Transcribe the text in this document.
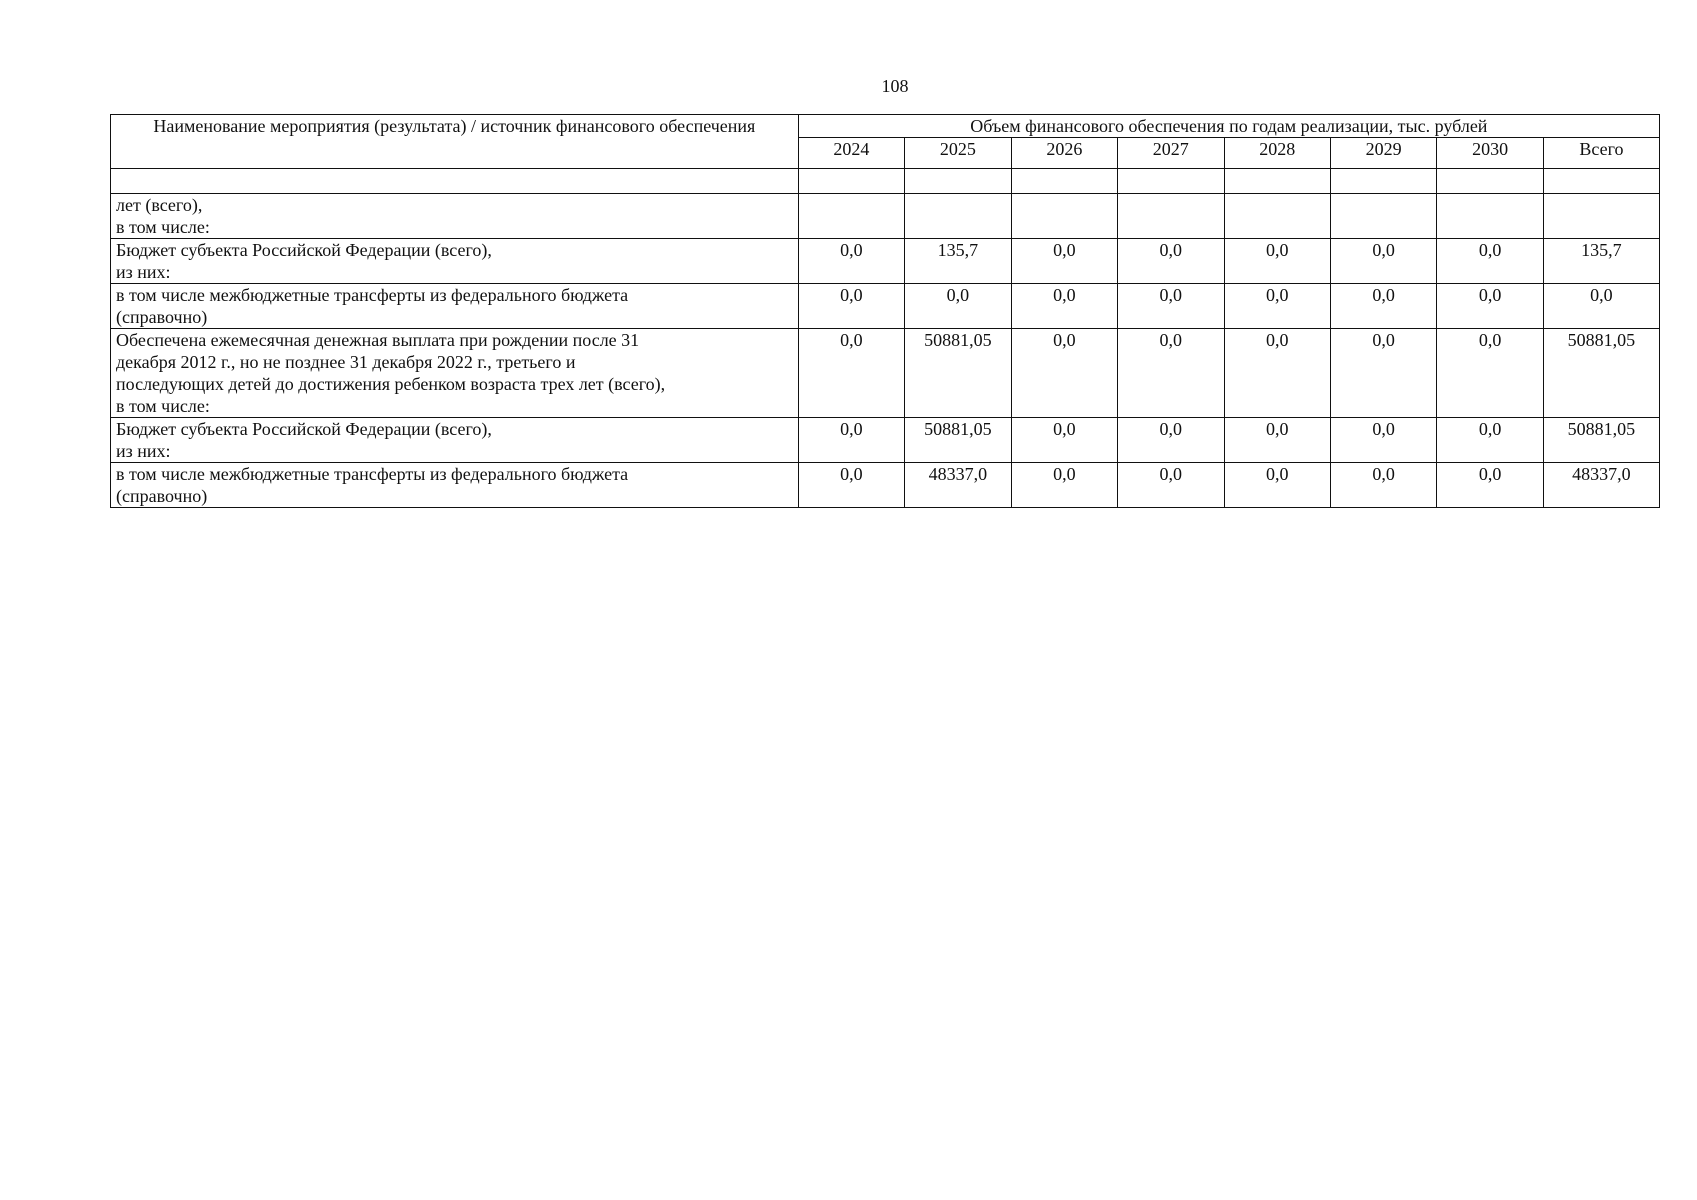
108
Наименование мероприятия (результата) / источник финансового обеспечения	Объем финансового обеспечения по годам реализации, тыс. рублей							
	2024	2025	2026	2027	2028	2029	2030	Всего

лет (всего),
в том числе:								

Бюджет субъекта Российской Федерации (всего),
из них:	0,0	135,7	0,0	0,0	0,0	0,0	0,0	135,7

в том числе межбюджетные трансферты из федерального бюджета
(справочно)	0,0	0,0	0,0	0,0	0,0	0,0	0,0	0,0

Обеспечена ежемесячная денежная выплата при рождении после 31
декабря 2012 г., но не позднее 31 декабря 2022 г., третьего и
последующих детей до достижения ребенком возраста трех лет (всего),
в том числе:	0,0	50881,05	0,0	0,0	0,0	0,0	0,0	50881,05

Бюджет субъекта Российской Федерации (всего),
из них:	0,0	50881,05	0,0	0,0	0,0	0,0	0,0	50881,05

в том числе межбюджетные трансферты из федерального бюджета
(справочно)	0,0	48337,0	0,0	0,0	0,0	0,0	0,0	48337,0
